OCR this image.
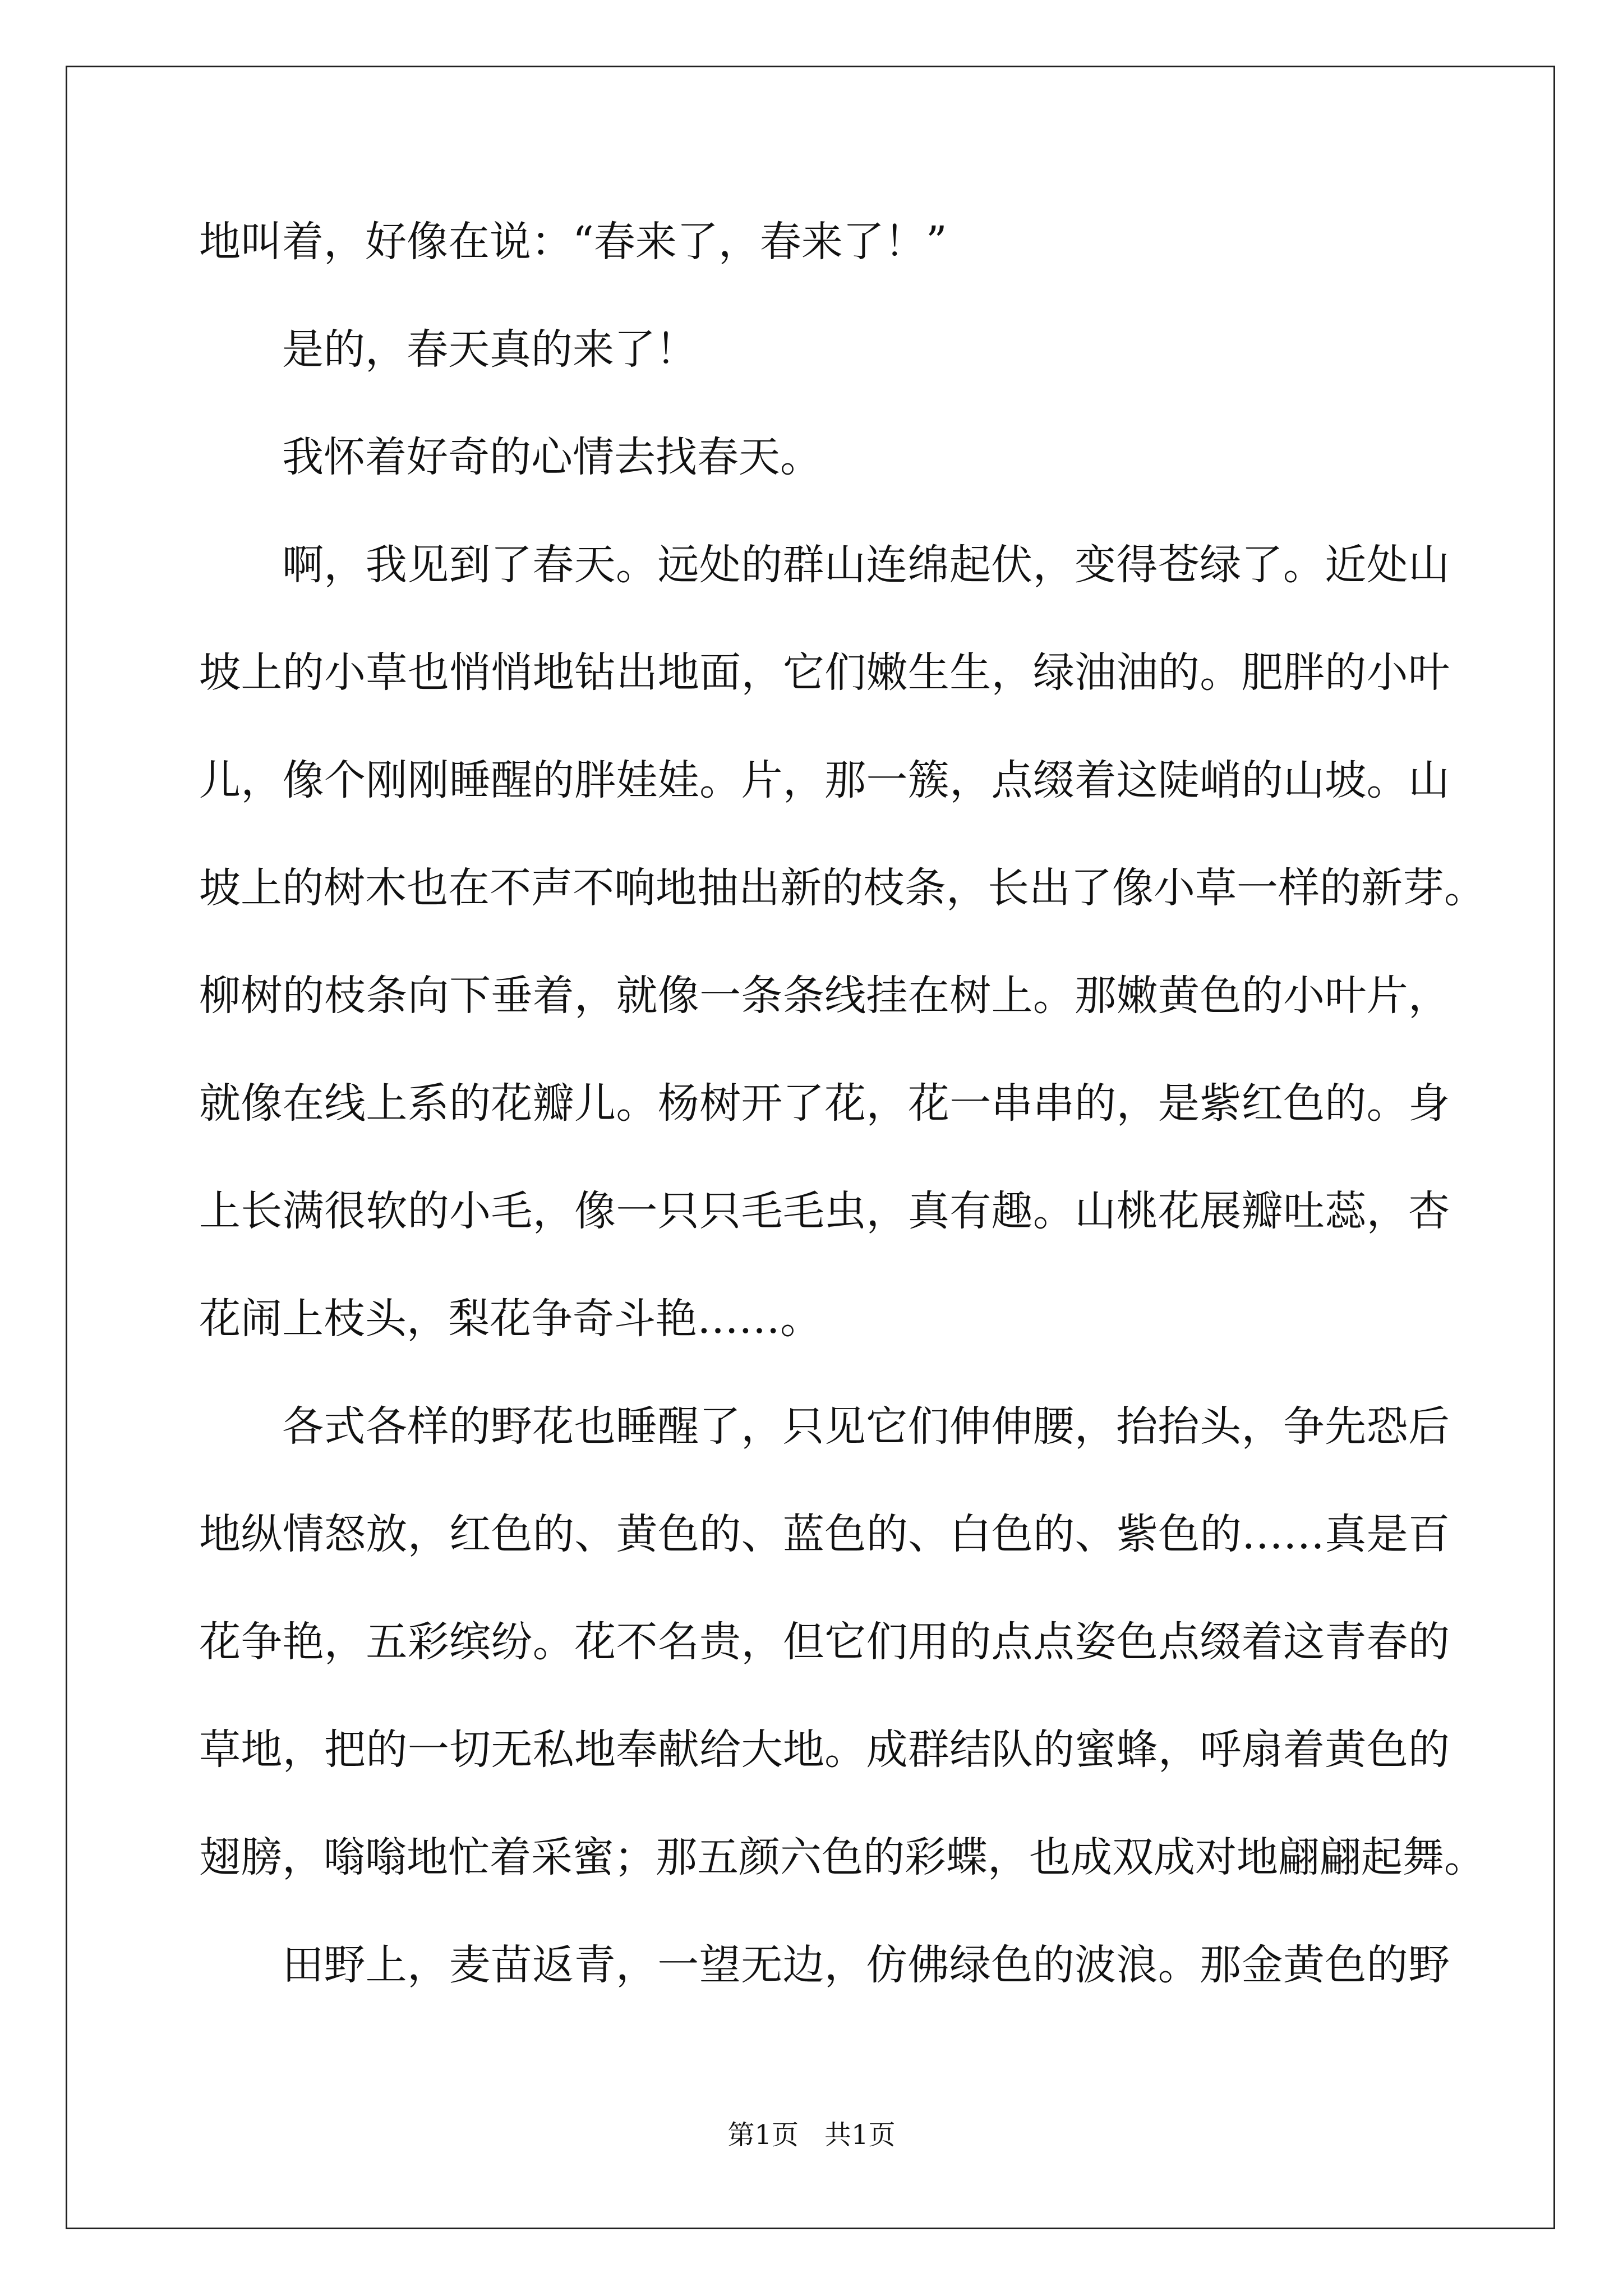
地叫着，好像在说：“春来了，春来了！”
是的，春天真的来了！
我怀着好奇的心情去找春天。
啊，我见到了春天。远处的群山连绵起伏，变得苍绿了。近处山
坡上的小草也悄悄地钻出地面，它们嫩生生，绿油油的。肥胖的小叶
儿，像个刚刚睡醒的胖娃娃。片，那一簇，点缀着这陡峭的山坡。山
坡上的树木也在不声不响地抽出新的枝条，长出了像小草一样的新芽。
柳树的枝条向下垂着，就像一条条线挂在树上。那嫩黄色的小叶片，
就像在线上系的花瓣儿。杨树开了花，花一串串的，是紫红色的。身
上长满很软的小毛，像一只只毛毛虫，真有趣。山桃花展瓣吐蕊，杏
花闹上枝头，梨花争奇斗艳……。
各式各样的野花也睡醒了，只见它们伸伸腰，抬抬头，争先恐后
地纵情怒放，红色的、黄色的、蓝色的、白色的、紫色的……真是百
花争艳，五彩缤纷。花不名贵，但它们用的点点姿色点缀着这青春的
草地，把的一切无私地奉献给大地。成群结队的蜜蜂，呼扇着黄色的
翅膀，嗡嗡地忙着采蜜；那五颜六色的彩蝶，也成双成对地翩翩起舞。
田野上，麦苗返青，一望无边，仿佛绿色的波浪。那金黄色的野
第1页 共1页
